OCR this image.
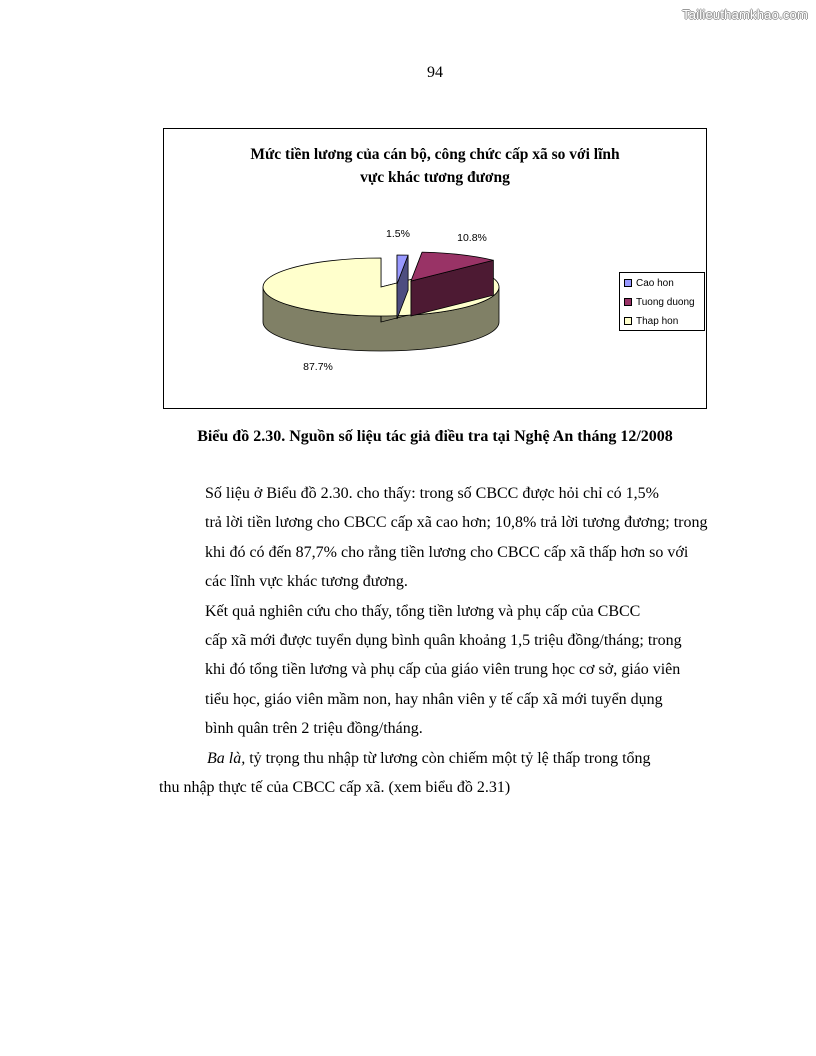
Tailieuthamkhao.com
94
1.5%	10.8%
87.7%
Mức tiền lương của cán bộ, công chức cấp xã so với lĩnh
vực khác tương đương
Cao hon
Tuong duong
Thap hon
Biểu đồ 2.30. Nguồn số liệu tác giả điều tra tại Nghệ An tháng 12/2008

Số liệu ở Biểu đồ 2.30. cho thấy: trong số CBCC được hỏi chỉ có 1,5%
trả lời tiền lương cho CBCC cấp xã cao hơn; 10,8% trả lời tương đương; trong
khi đó có đến 87,7% cho rằng tiền lương cho CBCC cấp xã thấp hơn so với
các lĩnh vực khác tương đương.

Kết quả nghiên cứu cho thấy, tổng tiền lương và phụ cấp của CBCC
cấp xã mới được tuyển dụng bình quân khoảng 1,5 triệu đồng/tháng; trong
khi đó tổng tiền lương và phụ cấp của giáo viên trung học cơ sở, giáo viên
tiểu học, giáo viên mầm non, hay nhân viên y tế cấp xã mới tuyển dụng
bình quân trên 2 triệu đồng/tháng.

Ba là, tỷ trọng thu nhập từ lương còn chiếm một tỷ lệ thấp trong tổng
thu nhập thực tế của CBCC cấp xã. (xem biểu đồ 2.31)
